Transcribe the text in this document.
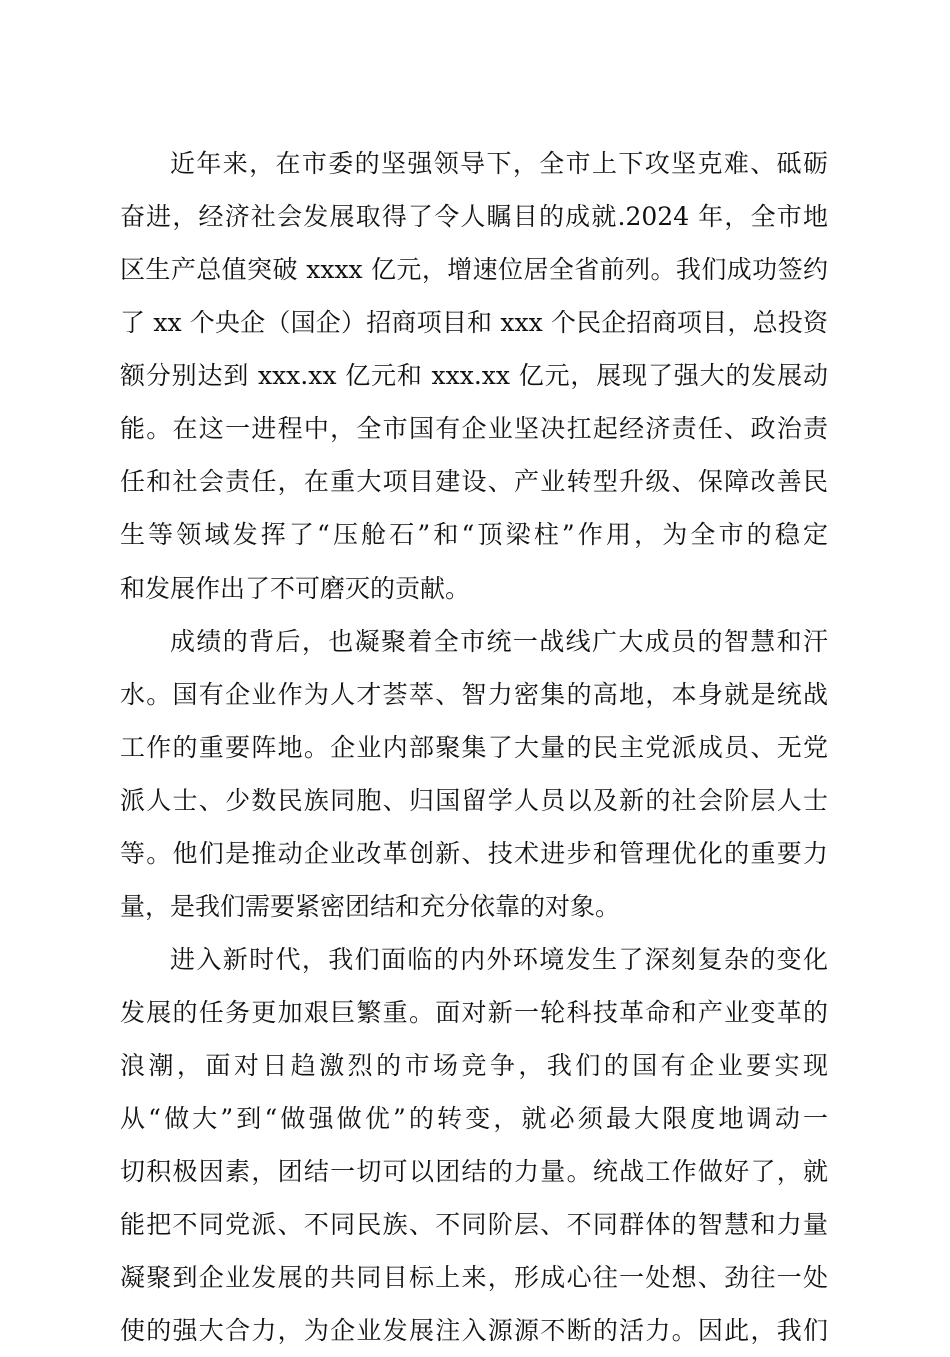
近年来，在市委的坚强领导下，全市上下攻坚克难、砥砺
奋进，经济社会发展取得了令人瞩目的成就.2024 年，全市地
区生产总值突破 xxxx 亿元，增速位居全省前列。我们成功签约
了 xx 个央企（国企）招商项目和 xxx 个民企招商项目，总投资
额分别达到 xxx.xx 亿元和 xxx.xx 亿元，展现了强大的发展动
能。在这一进程中，全市国有企业坚决扛起经济责任、政治责
任和社会责任，在重大项目建设、产业转型升级、保障改善民
生等领域发挥了“压舱石”和“顶梁柱”作用，为全市的稳定
和发展作出了不可磨灭的贡献。
成绩的背后，也凝聚着全市统一战线广大成员的智慧和汗
水。国有企业作为人才荟萃、智力密集的高地，本身就是统战
工作的重要阵地。企业内部聚集了大量的民主党派成员、无党
派人士、少数民族同胞、归国留学人员以及新的社会阶层人士
等。他们是推动企业改革创新、技术进步和管理优化的重要力
量，是我们需要紧密团结和充分依靠的对象。
进入新时代，我们面临的内外环境发生了深刻复杂的变化
发展的任务更加艰巨繁重。面对新一轮科技革命和产业变革的
浪潮，面对日趋激烈的市场竞争，我们的国有企业要实现
从“做大”到“做强做优”的转变，就必须最大限度地调动一
切积极因素，团结一切可以团结的力量。统战工作做好了，就
能把不同党派、不同民族、不同阶层、不同群体的智慧和力量
凝聚到企业发展的共同目标上来，形成心往一处想、劲往一处
使的强大合力，为企业发展注入源源不断的活力。因此，我们
